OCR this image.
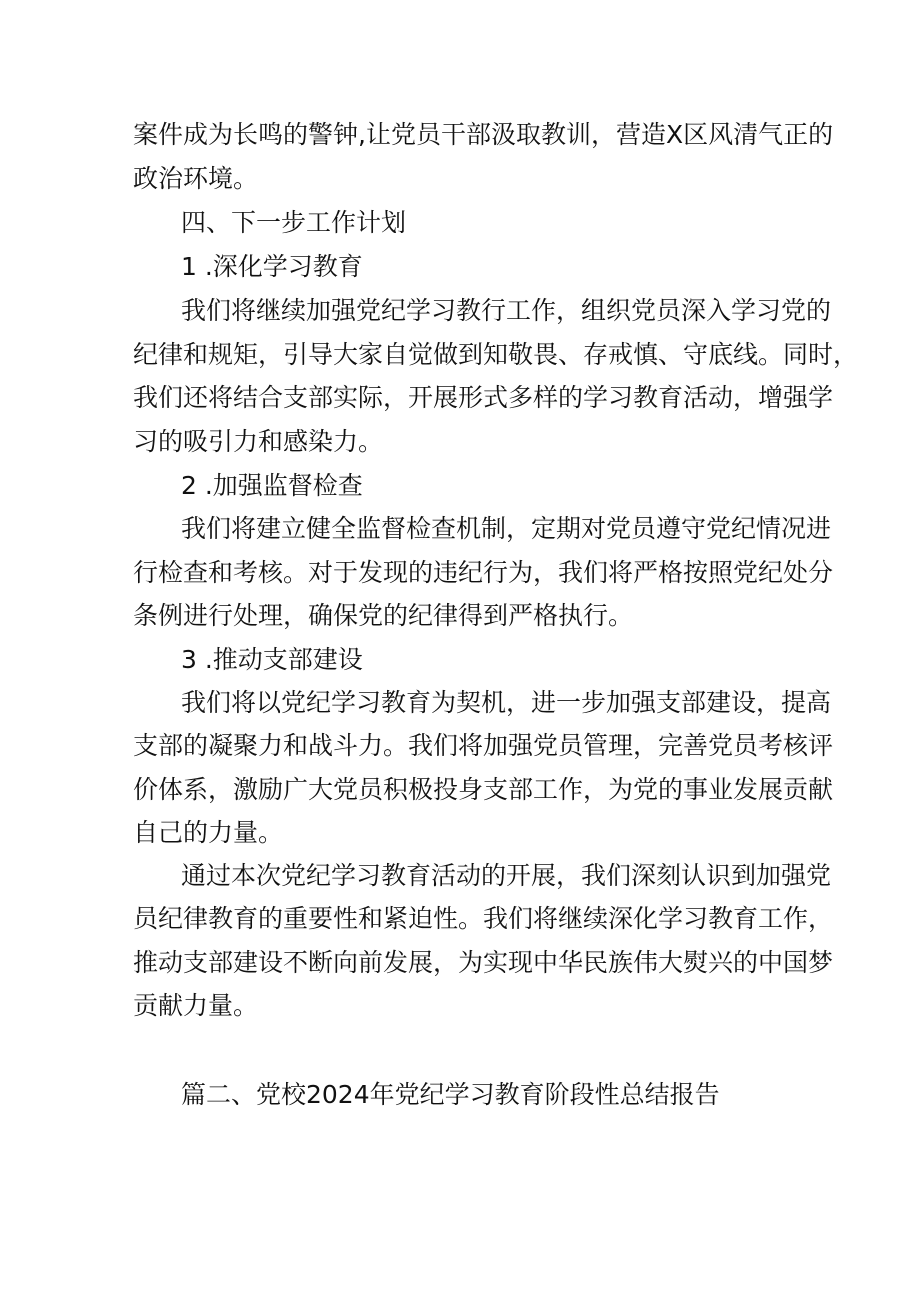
案件成为长鸣的警钟,让党员干部汲取教训，营造X区风清气正的
政治环境。
四、下一步工作计划
1 .深化学习教育
我们将继续加强党纪学习教行工作，组织党员深入学习党的
纪律和规矩，引导大家自觉做到知敬畏、存戒慎、守底线。同时，
我们还将结合支部实际，开展形式多样的学习教育活动，增强学
习的吸引力和感染力。
2 .加强监督检查
我们将建立健全监督检查机制，定期对党员遵守党纪情况进
行检查和考核。对于发现的违纪行为，我们将严格按照党纪处分
条例进行处理，确保党的纪律得到严格执行。
3 .推动支部建设
我们将以党纪学习教育为契机，进一步加强支部建设，提高
支部的凝聚力和战斗力。我们将加强党员管理，完善党员考核评
价体系，激励广大党员积极投身支部工作，为党的事业发展贡献
自己的力量。
通过本次党纪学习教育活动的开展，我们深刻认识到加强党
员纪律教育的重要性和紧迫性。我们将继续深化学习教育工作，
推动支部建设不断向前发展，为实现中华民族伟大熨兴的中国梦
贡献力量。
篇二、党校2024年党纪学习教育阶段性总结报告
